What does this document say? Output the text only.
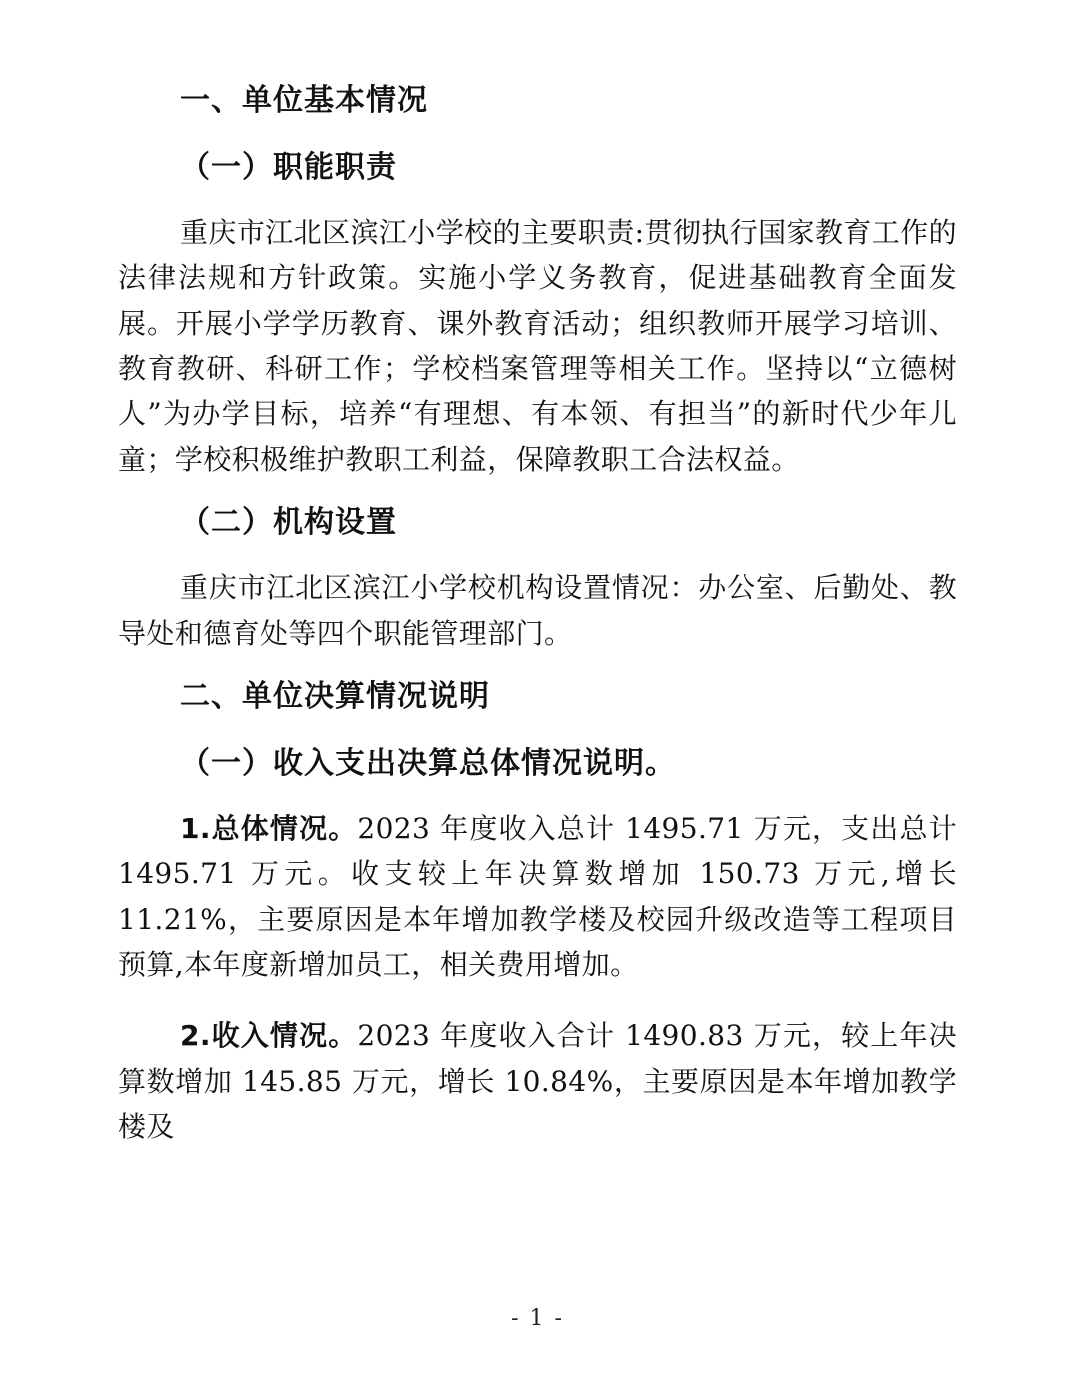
一、单位基本情况
（一）职能职责

重庆市江北区滨江小学校的主要职责:贯彻执行国家教育工作的法律法规和方针政策。实施小学义务教育，促进基础教育全面发展。开展小学学历教育、课外教育活动；组织教师开展学习培训、教育教研、科研工作；学校档案管理等相关工作。坚持以“立德树人”为办学目标，培养“有理想、有本领、有担当”的新时代少年儿童；学校积极维护教职工利益，保障教职工合法权益。

（二）机构设置

重庆市江北区滨江小学校机构设置情况：办公室、后勤处、教导处和德育处等四个职能管理部门。

二、单位决算情况说明
（一）收入支出决算总体情况说明。

1.总体情况。2023 年度收入总计 1495.71 万元，支出总计 1495.71 万元。收支较上年决算数增加 150.73 万元,增长 11.21%，主要原因是本年增加教学楼及校园升级改造等工程项目预算,本年度新增加员工，相关费用增加。

2.收入情况。2023 年度收入合计 1490.83 万元，较上年决算数增加 145.85 万元，增长 10.84%，主要原因是本年增加教学楼及

- 1 -
